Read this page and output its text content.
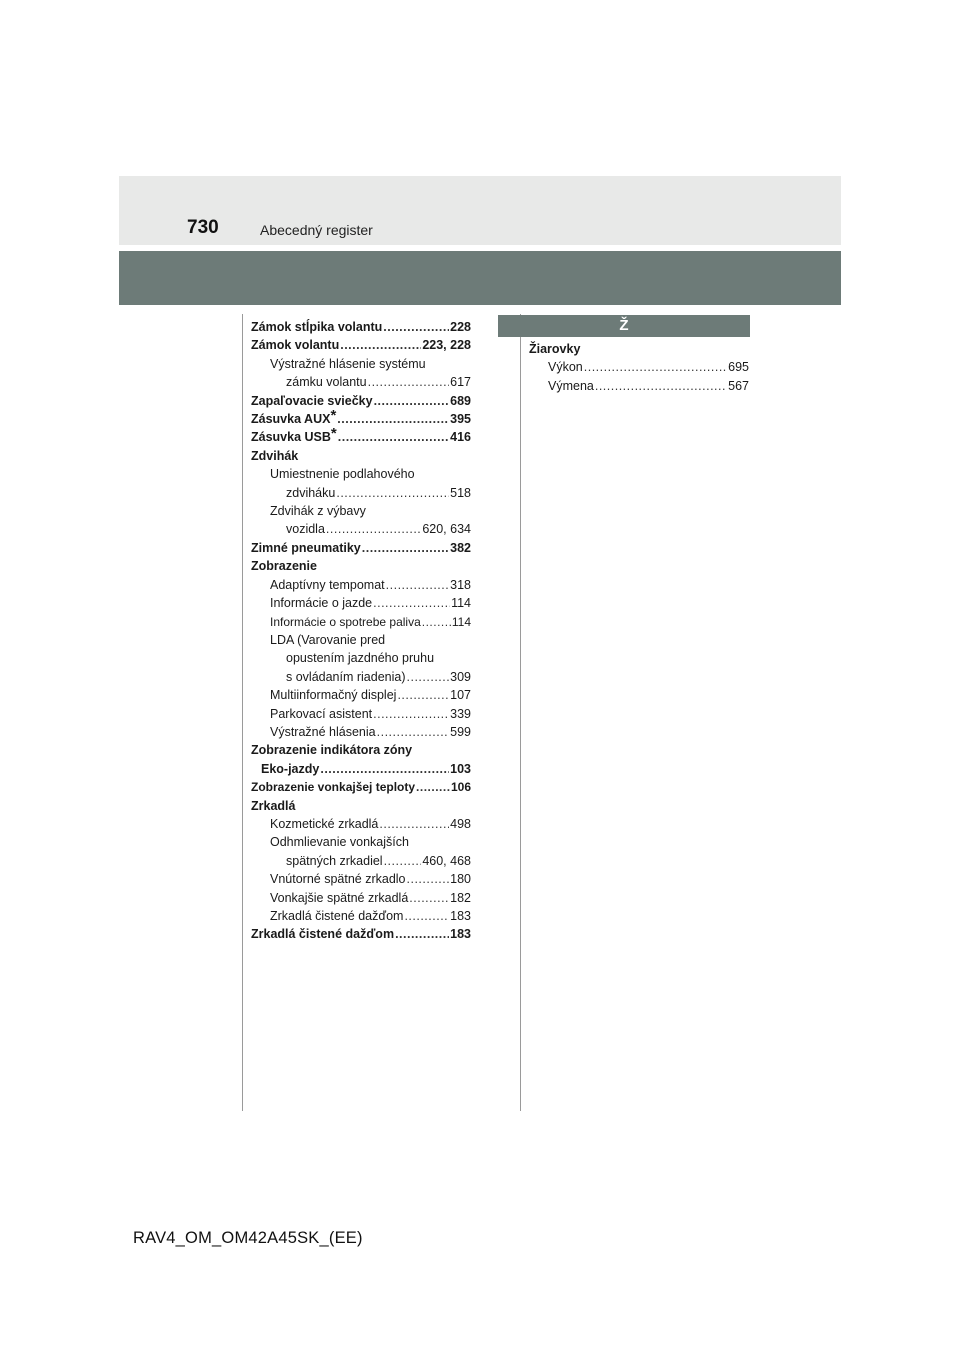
730	Abecedný register
Zámok stĺpika volantu .....	228
Zámok volantu .....	223, 228
Výstražné hlásenie systému
zámku volantu .....	617
Zapaľovacie sviečky .....	689
Zásuvka AUX* .....	395
Zásuvka USB* .....	416
Zdvihák
Umiestnenie podlahového
zdviháku .....	518
Zdvihák z výbavy
vozidla .....	620, 634
Zimné pneumatiky .....	382
Zobrazenie
Adaptívny tempomat .....	318
Informácie o jazde .....	114
Informácie o spotrebe paliva .....	114
LDA (Varovanie pred
opustením jazdného pruhu
s ovládaním riadenia) .....	309
Multiinformačný displej .....	107
Parkovací asistent .....	339
Výstražné hlásenia .....	599
Zobrazenie indikátora zóny
Eko-jazdy .....	103
Zobrazenie vonkajšej teploty .....	106
Zrkadlá
Kozmetické zrkadlá .....	498
Odhmlievanie vonkajších
spätných zrkadiel .....	460, 468
Vnútorné spätné zrkadlo .....	180
Vonkajšie spätné zrkadlá .....	182
Zrkadlá čistené dažďom .....	183
Zrkadlá čistené dažďom .....	183
Ž
Žiarovky
Výkon .....	695
Výmena .....	567
RAV4_OM_OM42A45SK_(EE)
